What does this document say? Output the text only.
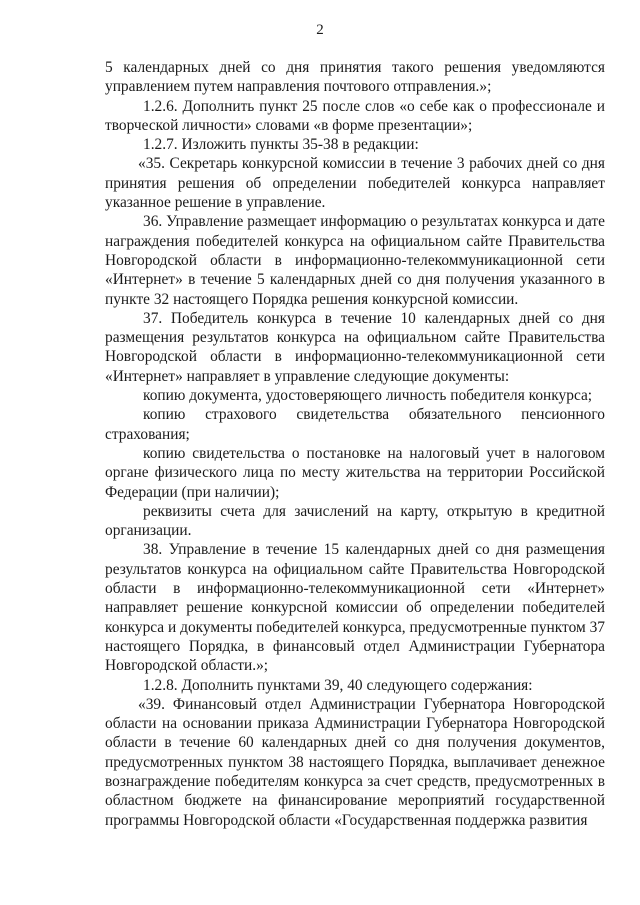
2

5 календарных дней со дня принятия такого решения уведомляются управлением путем направления почтового отправления.»;

1.2.6. Дополнить пункт 25 после слов «о себе как о профессионале и творческой личности» словами «в форме презентации»;

1.2.7. Изложить пункты 35-38 в редакции:

«35. Секретарь конкурсной комиссии в течение 3 рабочих дней со дня принятия решения об определении победителей конкурса направляет указанное решение в управление.

36. Управление размещает информацию о результатах конкурса и дате награждения победителей конкурса на официальном сайте Правительства Новгородской области в информационно-телекоммуникационной сети «Интернет» в течение 5 календарных дней со дня получения указанного в пункте 32 настоящего Порядка решения конкурсной комиссии.

37. Победитель конкурса в течение 10 календарных дней со дня размещения результатов конкурса на официальном сайте Правительства Новгородской области в информационно-телекоммуникационной сети «Интернет» направляет в управление следующие документы:

копию документа, удостоверяющего личность победителя конкурса;

копию страхового свидетельства обязательного пенсионного страхования;

копию свидетельства о постановке на налоговый учет в налоговом органе физического лица по месту жительства на территории Российской Федерации (при наличии);

реквизиты счета для зачислений на карту, открытую в кредитной организации.

38. Управление в течение 15 календарных дней со дня размещения результатов конкурса на официальном сайте Правительства Новгородской области в информационно-телекоммуникационной сети «Интернет» направляет решение конкурсной комиссии об определении победителей конкурса и документы победителей конкурса, предусмотренные пунктом 37 настоящего Порядка, в финансовый отдел Администрации Губернатора Новгородской области.»;

1.2.8. Дополнить пунктами 39, 40 следующего содержания:

«39. Финансовый отдел Администрации Губернатора Новгородской области на основании приказа Администрации Губернатора Новгородской области в течение 60 календарных дней со дня получения документов, предусмотренных пунктом 38 настоящего Порядка, выплачивает денежное вознаграждение победителям конкурса за счет средств, предусмотренных в областном бюджете на финансирование мероприятий государственной программы Новгородской области «Государственная поддержка развития
